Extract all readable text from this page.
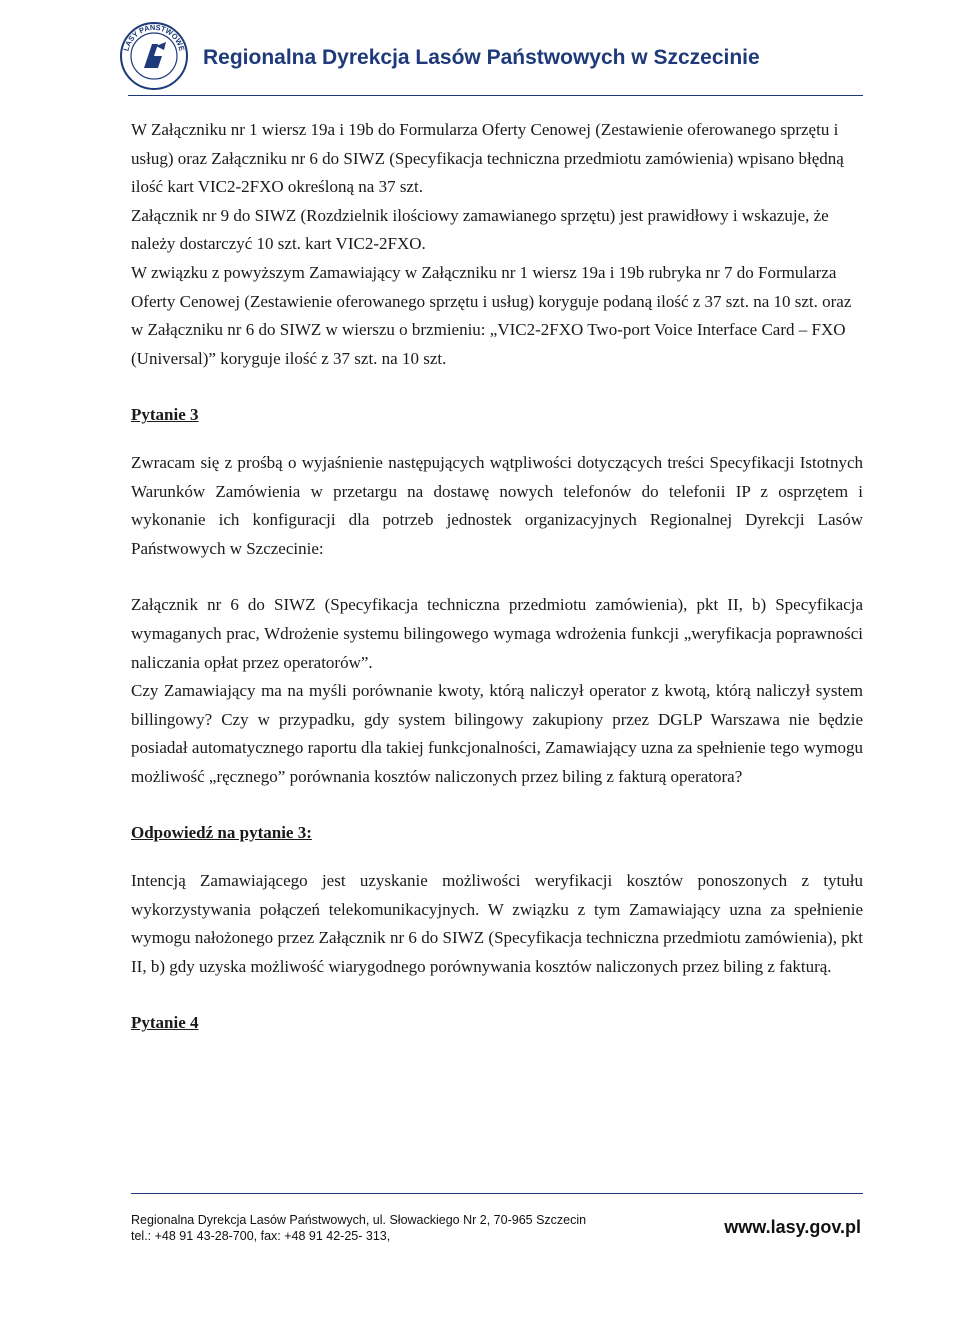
LASY PAŃSTWOWE Regionalna Dyrekcja Lasów Państwowych w Szczecinie

W Załączniku nr 1 wiersz 19a i 19b do Formularza Oferty Cenowej (Zestawienie oferowanego sprzętu i usług) oraz Załączniku nr 6 do SIWZ (Specyfikacja techniczna przedmiotu zamówienia) wpisano błędną ilość kart VIC2-2FXO określoną na 37 szt.

Załącznik nr 9 do SIWZ (Rozdzielnik ilościowy zamawianego sprzętu) jest prawidłowy i wskazuje, że należy dostarczyć 10 szt. kart VIC2-2FXO.

W związku z powyższym Zamawiający w Załączniku nr 1 wiersz 19a i 19b rubryka nr 7 do Formularza Oferty Cenowej (Zestawienie oferowanego sprzętu i usług) koryguje podaną ilość z 37 szt. na 10 szt. oraz w Załączniku nr 6 do SIWZ w wierszu o brzmieniu: „VIC2-2FXO Two-port Voice Interface Card – FXO (Universal)” koryguje ilość z 37 szt. na 10 szt.

Pytanie 3

Zwracam się z prośbą o wyjaśnienie następujących wątpliwości dotyczących treści Specyfikacji Istotnych Warunków Zamówienia w przetargu na dostawę nowych telefonów do telefonii IP z osprzętem i wykonanie ich konfiguracji dla potrzeb jednostek organizacyjnych Regionalnej Dyrekcji Lasów Państwowych w Szczecinie:

Załącznik nr 6 do SIWZ (Specyfikacja techniczna przedmiotu zamówienia), pkt II, b) Specyfikacja wymaganych prac, Wdrożenie systemu bilingowego wymaga wdrożenia funkcji „weryfikacja poprawności naliczania opłat przez operatorów”.

Czy Zamawiający ma na myśli porównanie kwoty, którą naliczył operator z kwotą, którą naliczył system billingowy? Czy w przypadku, gdy system bilingowy zakupiony przez DGLP Warszawa nie będzie posiadał automatycznego raportu dla takiej funkcjonalności, Zamawiający uzna za spełnienie tego wymogu możliwość „ręcznego” porównania kosztów naliczonych przez biling z fakturą operatora?

Odpowiedź na pytanie 3:

Intencją Zamawiającego jest uzyskanie możliwości weryfikacji kosztów ponoszonych z tytułu wykorzystywania połączeń telekomunikacyjnych. W związku z tym Zamawiający uzna za spełnienie wymogu nałożonego przez Załącznik nr 6 do SIWZ (Specyfikacja techniczna przedmiotu zamówienia), pkt II, b) gdy uzyska możliwość wiarygodnego porównywania kosztów naliczonych przez biling z fakturą.

Pytanie 4

Regionalna Dyrekcja Lasów Państwowych, ul. Słowackiego Nr 2, 70-965 Szczecin
tel.: +48 91 43-28-700, fax: +48 91 42-25- 313,	www.lasy.gov.pl
